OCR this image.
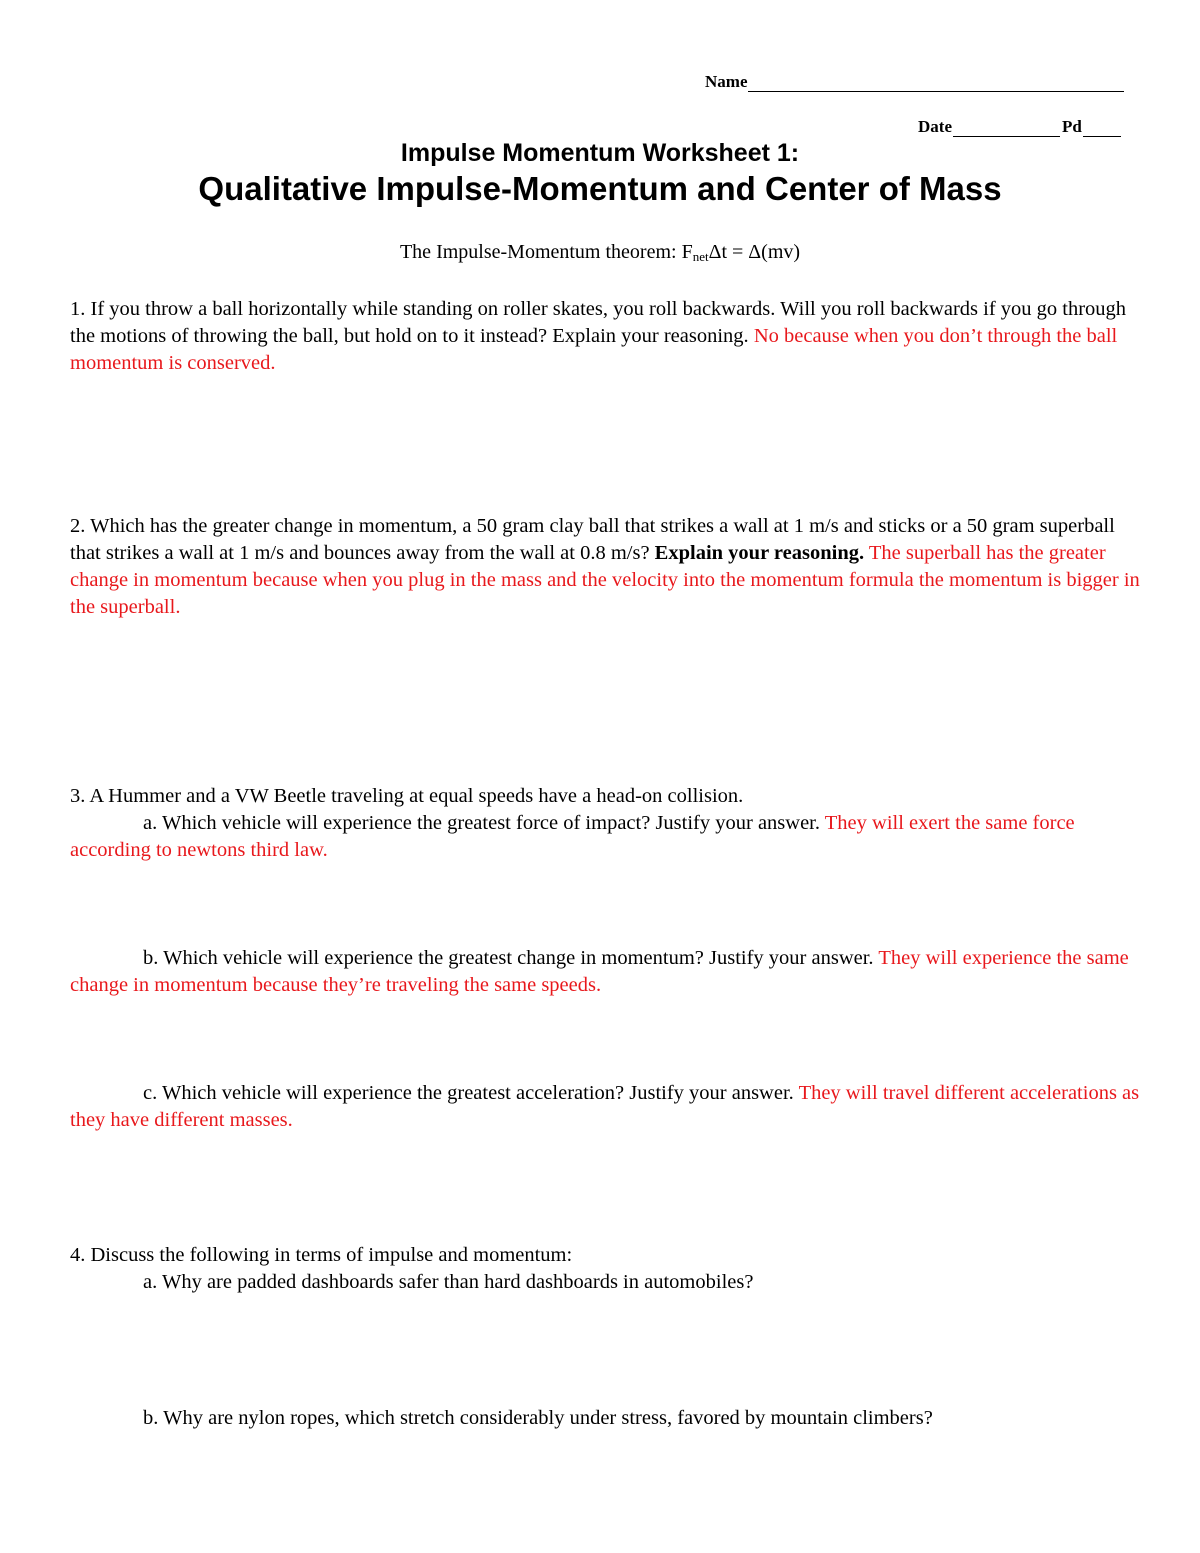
Name
Date	Pd
Impulse Momentum Worksheet 1:
Qualitative Impulse-Momentum and Center of Mass
The Impulse-Momentum theorem: $F_{net}\Delta t = \Delta(mv)$
1. If you throw a ball horizontally while standing on roller skates, you roll backwards. Will you roll backwards if you go through the motions of throwing the ball, but hold on to it instead? Explain your reasoning. No because when you don’t through the ball momentum is conserved.
2. Which has the greater change in momentum, a 50 gram clay ball that strikes a wall at 1 m/s and sticks or a 50 gram superball that strikes a wall at 1 m/s and bounces away from the wall at 0.8 m/s? Explain your reasoning. The superball has the greater change in momentum because when you plug in the mass and the velocity into the momentum formula the momentum is bigger in the superball.
3. A Hummer and a VW Beetle traveling at equal speeds have a head-on collision.
a. Which vehicle will experience the greatest force of impact? Justify your answer. They will exert the same force according to newtons third law.
b. Which vehicle will experience the greatest change in momentum? Justify your answer. They will experience the same change in momentum because they’re traveling the same speeds.
c. Which vehicle will experience the greatest acceleration? Justify your answer. They will travel different accelerations as they have different masses.
4. Discuss the following in terms of impulse and momentum:
a. Why are padded dashboards safer than hard dashboards in automobiles?
b. Why are nylon ropes, which stretch considerably under stress, favored by mountain climbers?
